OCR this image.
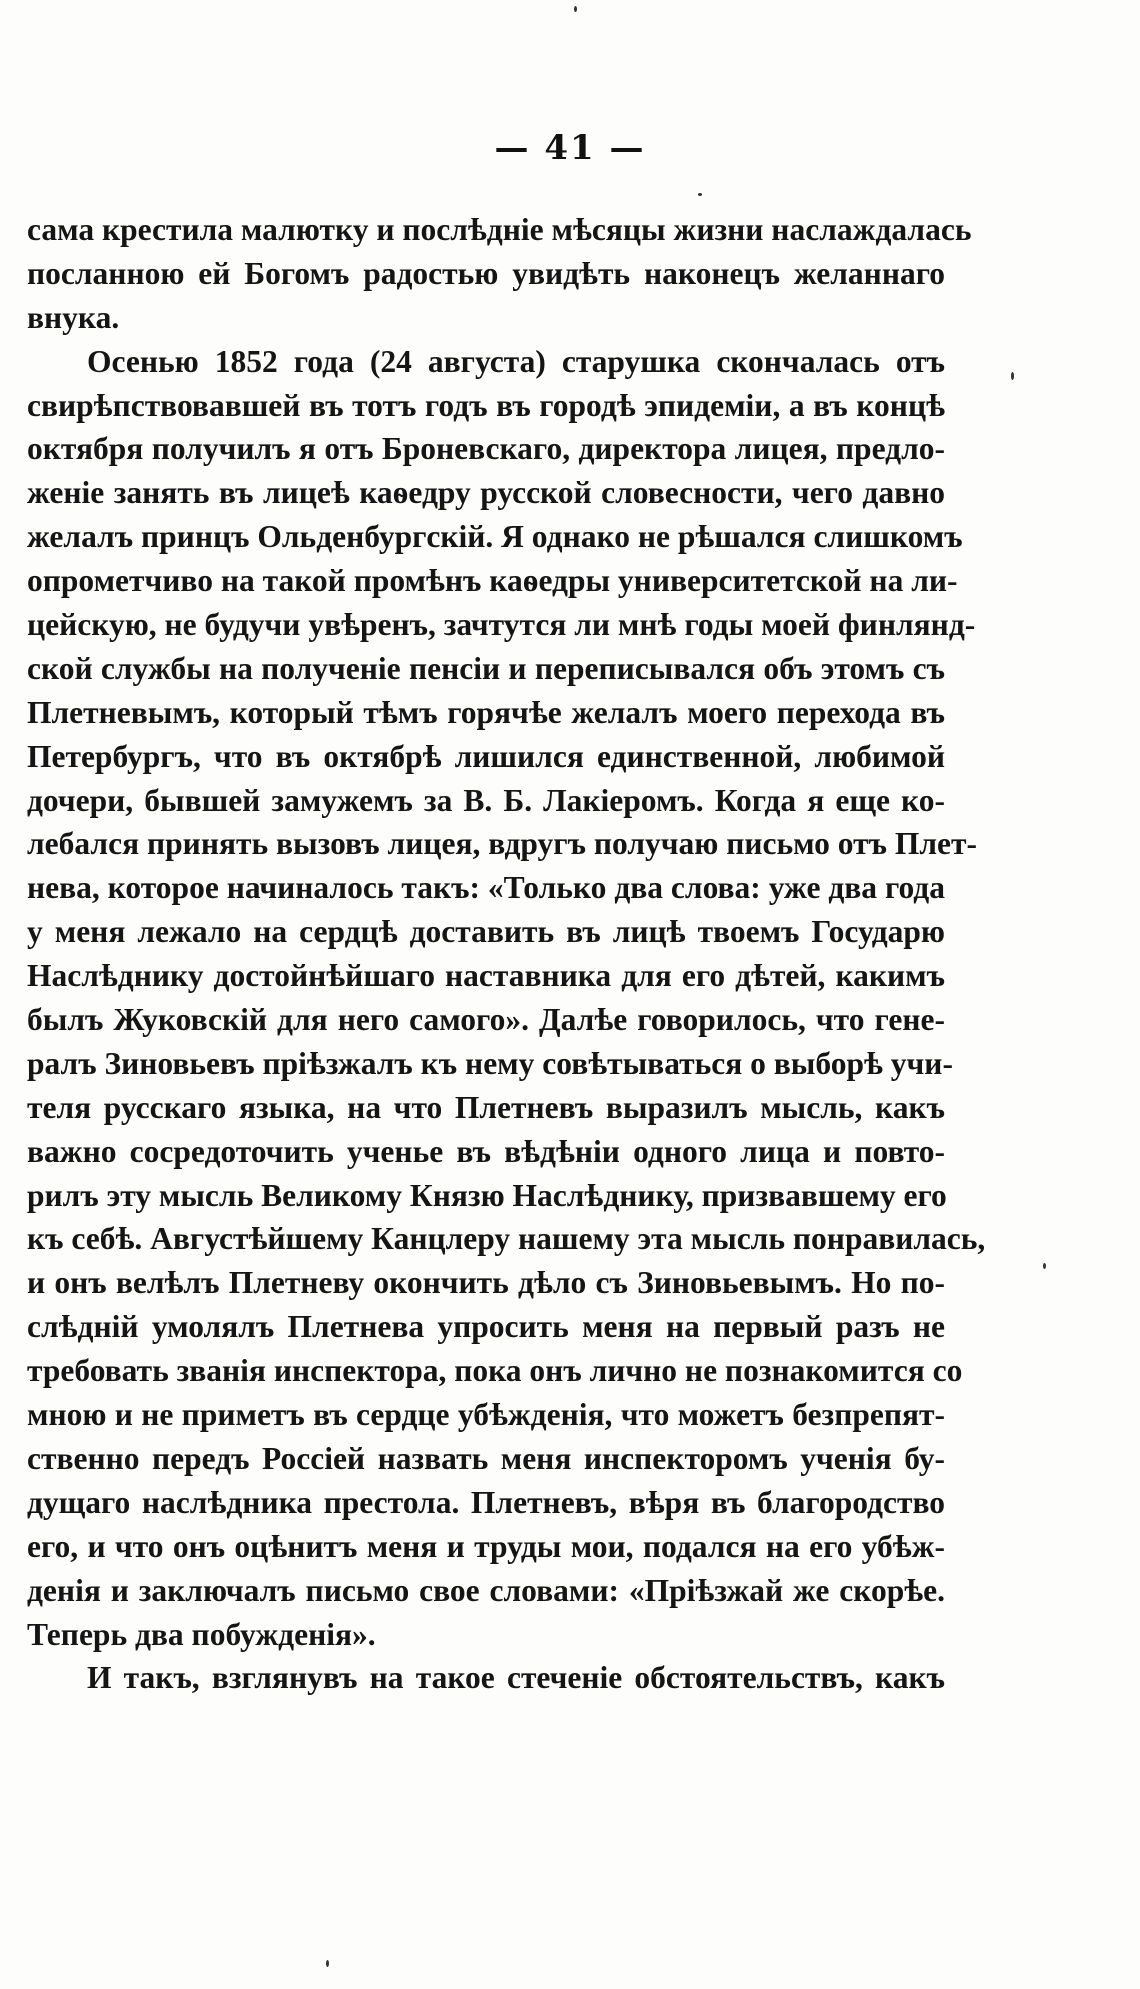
— 41 —
сама крестила малютку и послѣдніе мѣсяцы жизни наслаждалась
посланною ей Богомъ радостью увидѣть наконецъ желаннаго
внука.
Осенью 1852 года (24 августа) старушка скончалась отъ
свирѣпствовавшей въ тотъ годъ въ городѣ эпидеміи, а въ концѣ
октября получилъ я отъ Броневскаго, директора лицея, предло-
женіе занять въ лицеѣ каѳедру русской словесности, чего давно
желалъ принцъ Ольденбургскій. Я однако не рѣшался слишкомъ
опрометчиво на такой промѣнъ каѳедры университетской на ли-
цейскую, не будучи увѣренъ, зачтутся ли мнѣ годы моей финлянд-
ской службы на полученіе пенсіи и переписывался объ этомъ съ
Плетневымъ, который тѣмъ горячѣе желалъ моего перехода въ
Петербургъ, что въ октябрѣ лишился единственной, любимой
дочери, бывшей замужемъ за В. Б. Лакіеромъ. Когда я еще ко-
лебался принять вызовъ лицея, вдругъ получаю письмо отъ Плет-
нева, которое начиналось такъ: «Только два слова: уже два года
у меня лежало на сердцѣ доставить въ лицѣ твоемъ Государю
Наслѣднику достойнѣйшаго наставника для его дѣтей, какимъ
былъ Жуковскій для него самого». Далѣе говорилось, что гене-
ралъ Зиновьевъ пріѣзжалъ къ нему совѣтываться о выборѣ учи-
теля русскаго языка, на что Плетневъ выразилъ мысль, какъ
важно сосредоточить ученье въ вѣдѣніи одного лица и повто-
рилъ эту мысль Великому Князю Наслѣднику, призвавшему его
къ себѣ. Августѣйшему Канцлеру нашему эта мысль понравилась,
и онъ велѣлъ Плетневу окончить дѣло съ Зиновьевымъ. Но по-
слѣдній умолялъ Плетнева упросить меня на первый разъ не
требовать званія инспектора, пока онъ лично не познакомится со
мною и не приметъ въ сердце убѣжденія, что можетъ безпрепят-
ственно передъ Россіей назвать меня инспекторомъ ученія бу-
дущаго наслѣдника престола. Плетневъ, вѣря въ благородство
его, и что онъ оцѣнитъ меня и труды мои, подался на его убѣж-
денія и заключалъ письмо свое словами: «Пріѣзжай же скорѣе.
Теперь два побужденія».
И такъ, взглянувъ на такое стеченіе обстоятельствъ, какъ
